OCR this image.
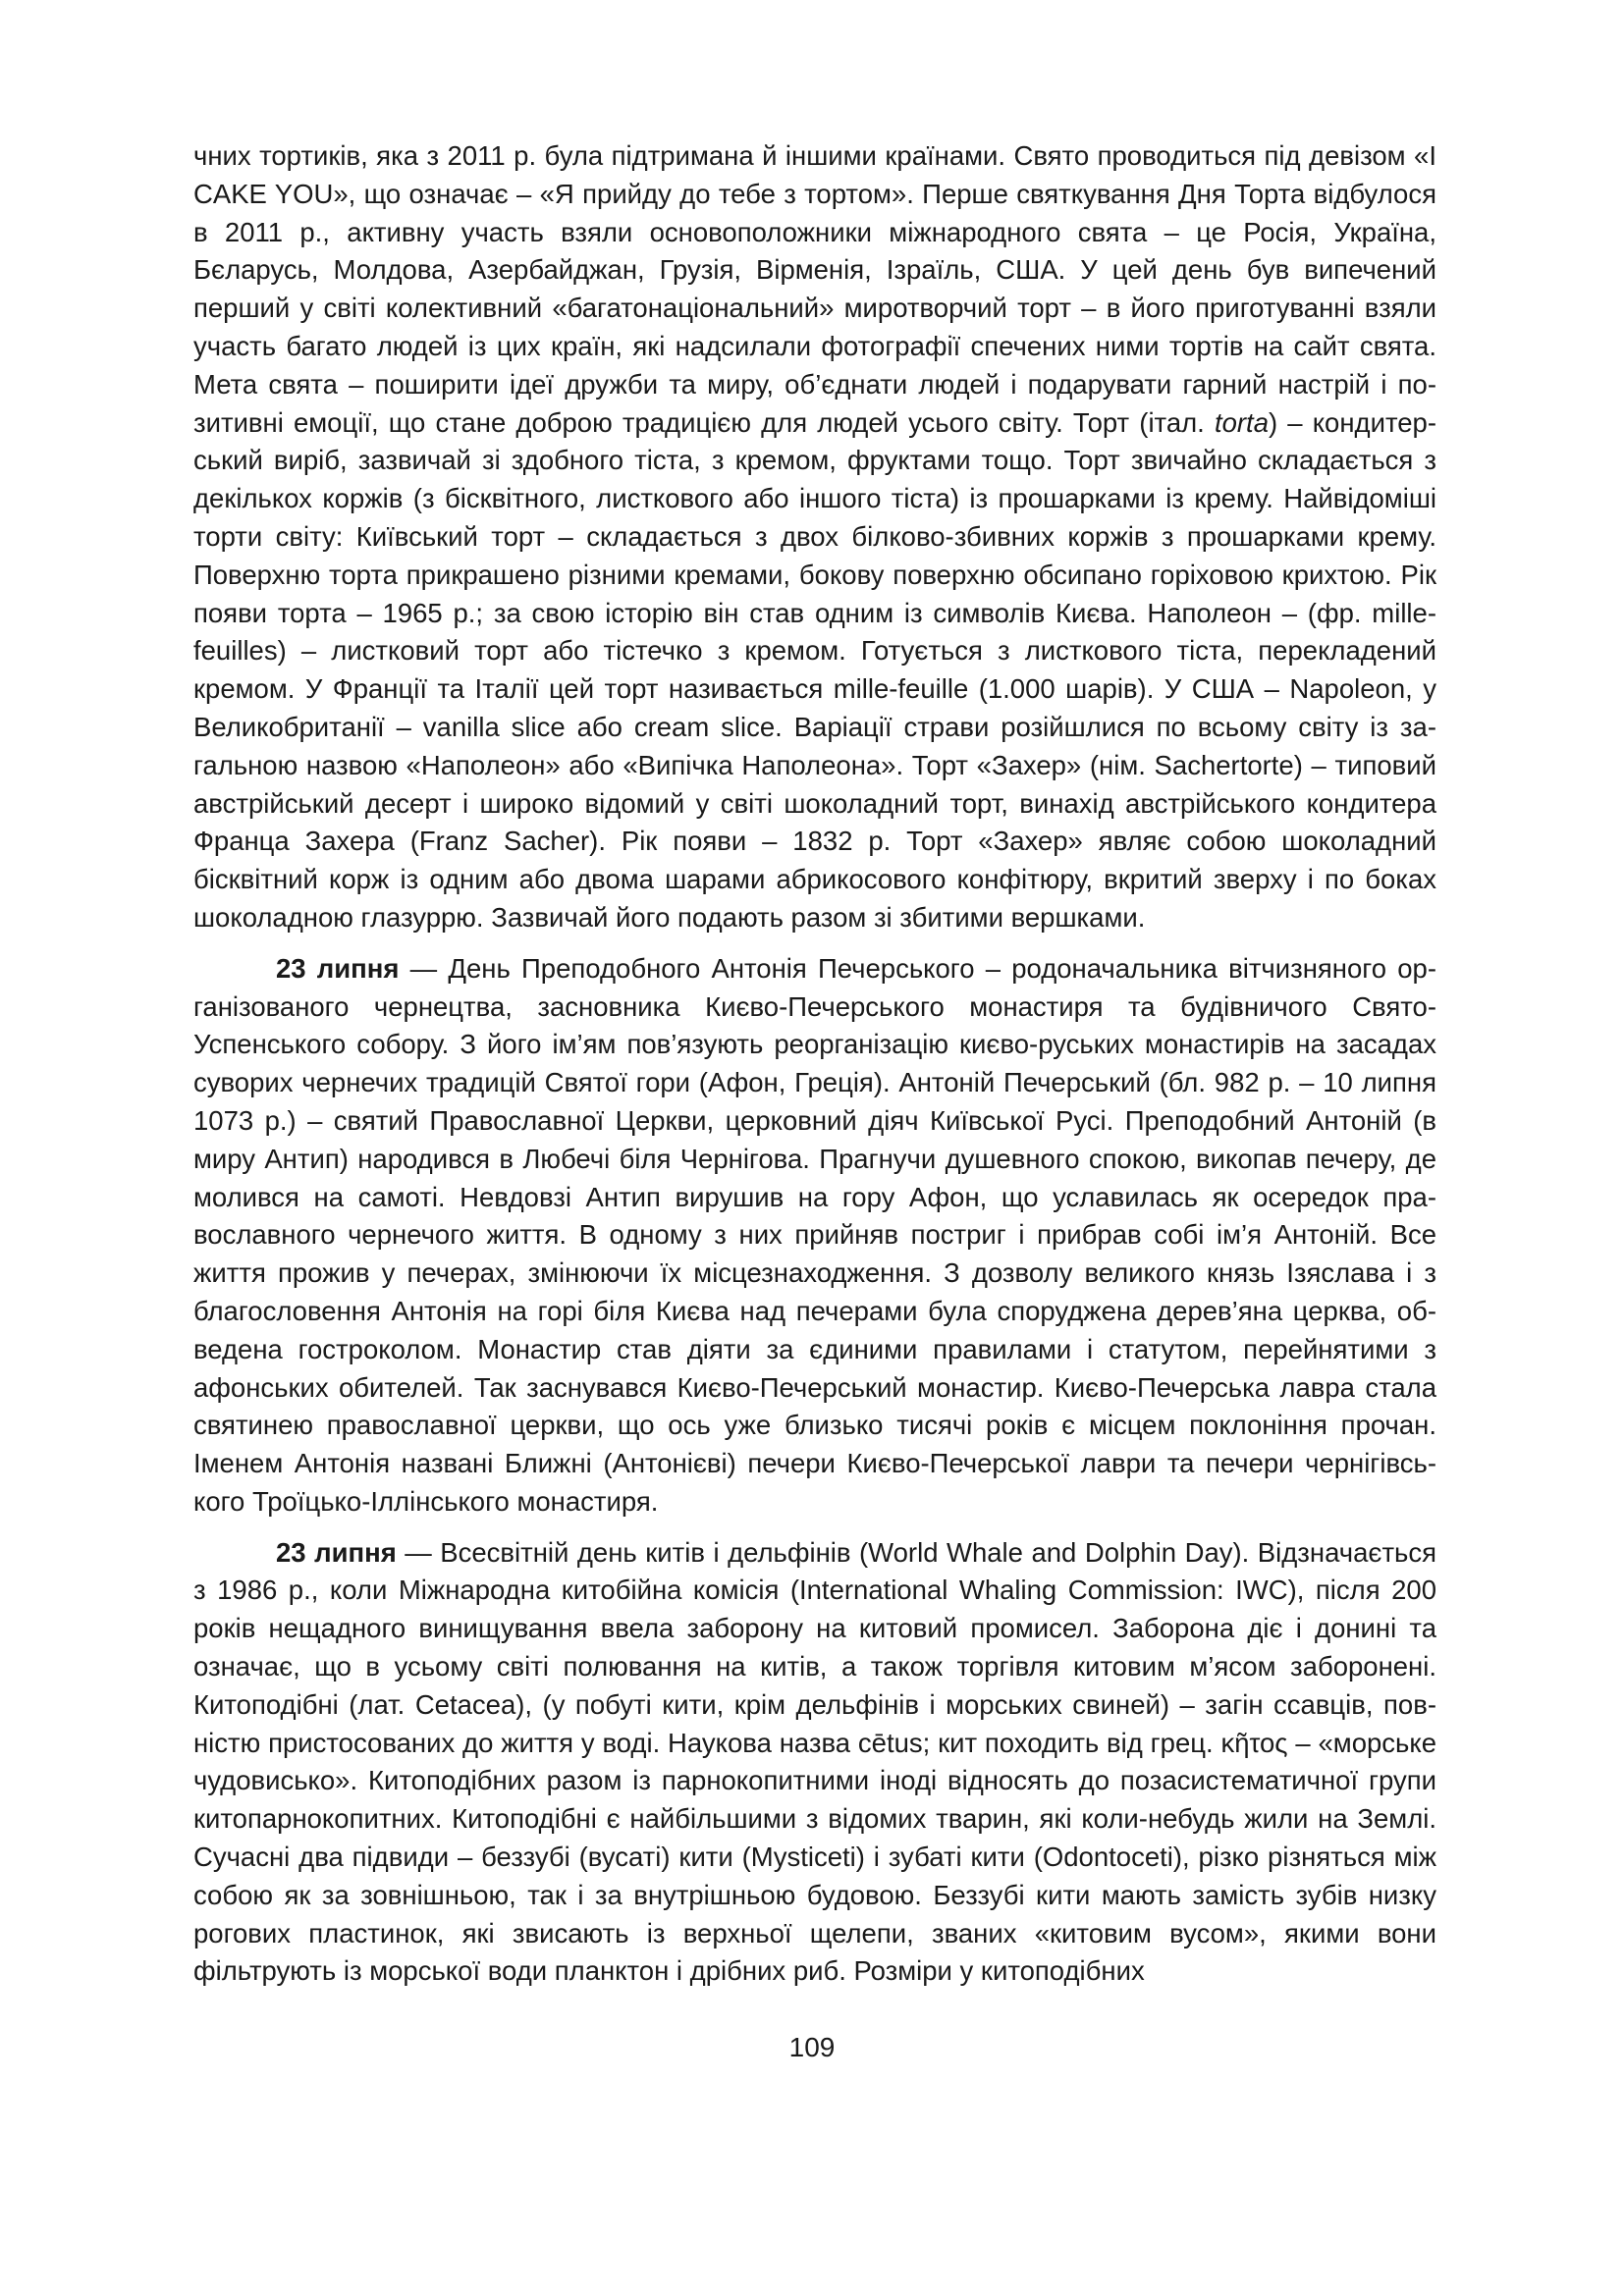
чних тортиків, яка з 2011 р. була підтримана й іншими країнами. Свято проводиться під девізом «I CAKE YOU», що означає – «Я прийду до тебе з тортом». Перше святкування Дня Торта відбулося в 2011 р., активну участь взяли основоположники міжнародного свята – це Росія, Україна, Бєларусь, Молдова, Азербайджан, Грузія, Вірменія, Ізраїль, США. У цей день був випечений перший у світі колективний «багатонаціональний» миротворчий торт – в його приготуванні взяли участь багато людей із цих країн, які надсилали фотографії спечених ними тортів на сайт свята. Мета свята – поширити ідеї дружби та миру, об’єднати людей і подарувати гарний настрій і позитивні емоції, що стане доброю традицією для людей усього світу. Торт (італ. torta) – кондитерський виріб, зазвичай зі здобного тіста, з кремом, фруктами тощо. Торт звичайно складається з декількох коржів (з бісквітного, листкового або іншого тіста) із прошарками із крему. Найвідоміші торти світу: Київський торт – складається з двох білково-збивних коржів з прошарками крему. Поверхню торта прикрашено різними кремами, бокову поверхню обсипано горіховою крихтою. Рік появи торта – 1965 р.; за свою історію він став одним із символів Києва. Наполеон – (фр. mille-feuilles) – листковий торт або тістечко з кремом. Готується з листкового тіста, перекладений кремом. У Франції та Італії цей торт називається mille-feuille (1.000 шарів). У США – Napoleon, у Великобританії – vanilla slice або cream slice. Варіації страви розійшлися по всьому світу із загальною назвою «Наполеон» або «Випічка Наполеона». Торт «Захер» (нім. Sachertorte) – типовий австрійський десерт і широко відомий у світі шоколадний торт, винахід австрійського кондитера Франца Захера (Franz Sacher). Рік появи – 1832 р. Торт «Захер» являє собою шоколадний бісквітний корж із одним або двома шарами абрикосового конфітюру, вкритий зверху і по боках шоколадною глазуррю. Зазвичай його подають разом зі збитими вершками.

23 липня — День Преподобного Антонія Печерського – родоначальника вітчизняного організованого чернецтва, засновника Києво-Печерського монастиря та будівничого Свято-Успенського собору. З його ім’ям пов’язують реорганізацію києво-руських монастирів на засадах суворих чернечих традицій Святої гори (Афон, Греція). Антоній Печерський (бл. 982 р. – 10 липня 1073 р.) – святий Православної Церкви, церковний діяч Київської Русі. Преподобний Антоній (в миру Антип) народився в Любечі біля Чернігова. Прагнучи душевного спокою, викопав печеру, де молився на самоті. Невдовзі Антип вирушив на гору Афон, що уславилась як осередок православного чернечого життя. В одному з них прийняв постриг і прибрав собі ім’я Антоній. Все життя прожив у печерах, змінюючи їх місцезнаходження. З дозволу великого князь Ізяслава і з благословення Антонія на горі біля Києва над печерами була споруджена дерев’яна церква, обведена гостроколом. Монастир став діяти за єдиними правилами і статутом, перейнятими з афонських обителей. Так заснувався Києво-Печерський монастир. Києво-Печерська лавра стала святинею православної церкви, що ось уже близько тисячі років є місцем поклоніння прочан. Іменем Антонія названі Ближні (Антонієві) печери Києво-Печерської лаври та печери чернігівського Троїцько-Іллінського монастиря.

23 липня — Всесвітній день китів і дельфінів (World Whale and Dolphin Day). Відзначається з 1986 р., коли Міжнародна китобійна комісія (International Whaling Commission: IWC), після 200 років нещадного винищування ввела заборону на китовий промисел. Заборона діє і донині та означає, що в усьому світі полювання на китів, а також торгівля китовим м’ясом заборонені. Китоподібні (лат. Cetacea), (у побуті кити, крім дельфінів і морських свиней) – загін ссавців, повністю пристосованих до життя у воді. Наукова назва cētus; кит походить від грец. κῆτος – «морське чудовисько». Китоподібних разом із парнокопитними іноді відносять до позасистематичної групи китопарнокопитних. Китоподібні є найбільшими з відомих тварин, які коли-небудь жили на Землі. Сучасні два підвиди – беззубі (вусаті) кити (Mysticeti) і зубаті кити (Odontoceti), різко різняться між собою як за зовнішньою, так і за внутрішньою будовою. Беззубі кити мають замість зубів низку рогових пластинок, які звисають із верхньої щелепи, званих «китовим вусом», якими вони фільтрують із морської води планктон і дрібних риб. Розміри у китоподібних

109
